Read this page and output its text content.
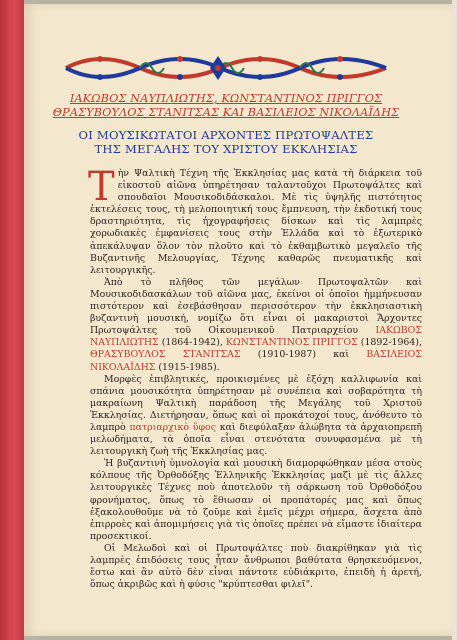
ΙΑΚΩΒΟΣ ΝΑΥΠΛΙΩΤΗΣ, ΚΩΝΣΤΑΝΤΙΝΟΣ ΠΡΙΓΓΟΣ
ΘΡΑΣΥΒΟΥΛΟΣ ΣΤΑΝΙΤΣΑΣ ΚΑΙ ΒΑΣΙΛΕΙΟΣ ΝΙΚΟΛΑΪΔΗΣ
ΟΙ ΜΟΥΣΙΚΩΤΑΤΟΙ ΑΡΧΟΝΤΕΣ ΠΡΩΤΟΨΑΛΤΕΣ
ΤΗΣ ΜΕΓΑΛΗΣ ΤΟΥ ΧΡΙΣΤΟΥ ΕΚΚΛΗΣΙΑΣ

Τὴν Ψαλτικὴ Τέχνη τῆς Ἐκκλησίας μας κατὰ τὴ διάρκεια τοῦ εἰκοστοῦ αἰῶνα ὑπηρέτησαν ταλαντοῦχοι Πρωτοψάλτες καὶ σπουδαῖοι Μουσικοδιδάσκαλοι. Μὲ τὶς ὑψηλῆς πιστότητος ἐκτελέσεις τους, τὴ μελοποιητική τους ἔμπνευση, τὴν ἐκδοτική τους δραστηριότητα, τὶς ἠχογραφήσεις δίσκων καὶ τὶς λαμπρὲς χορωδιακὲς ἐμφανίσεις τους στὴν Ἑλλάδα καὶ τὸ ἐξωτερικὸ ἀπεκάλυψαν ὅλον τὸν πλοῦτο καὶ τὸ ἐκθαμβωτικὸ μεγαλεῖο τῆς Βυζαντινῆς Μελουργίας, Τέχνης καθαρῶς πνευματικῆς καὶ λειτουργικῆς.

Ἀπὸ τὸ πλῆθος τῶν μεγάλων Πρωτοψαλτῶν καὶ Μουσικοδιδασκάλων τοῦ αἰῶνα μας, ἐκείνοι οἱ ὁποῖοι ἡμμήνευσαν πιστότερον καὶ ἐσεβάσθησαν περισσότερον τὴν ἐκκλησιαστικὴ βυζαντινὴ μουσική, νομίζω ὅτι εἶναι οἱ μακαριστοὶ Ἄρχοντες Πρωτοψάλτες τοῦ Οἰκουμενικοῦ Πατριαρχείου ΙΑΚΩΒΟΣ ΝΑΥΠΛΙΩΤΗΣ (1864-1942), ΚΩΝΣΤΑΝΤΙΝΟΣ ΠΡΙΓΓΟΣ (1892-1964), ΘΡΑΣΥΒΟΥΛΟΣ ΣΤΑΝΙΤΣΑΣ (1910-1987) καὶ ΒΑΣΙΛΕΙΟΣ ΝΙΚΟΛΑΪΔΗΣ (1915-1985).

Μορφὲς ἐπιβλητικές, προικισμένες μὲ ἐξόχη καλλιφωνία καὶ σπάνια μουσικότητα ὑπηρέτησαν μὲ συνέπεια καὶ σοβαρότητα τὴ μακραίωνη Ψαλτικὴ παράδοση τῆς Μεγάλης τοῦ Χριστοῦ Ἐκκλησίας. Διετήρησαν, ὅπως καὶ οἱ προκάτοχοί τους, ἀνόθευτο τὸ λαμπρὸ πατριαρχικὸ ὕφος καὶ διεφύλαξαν ἀλώβητα τὰ ἀρχαιοπρεπῆ μελωδήματα, τὰ ὁποῖα εἶναι στενότατα συνυφασμένα μὲ τὴ λειτουργικὴ ζωὴ τῆς Ἐκκλησίας μας.

Ἡ βυζαντινὴ ὑμνολογία καὶ μουσικὴ διαμορφώθηκαν μέσα στοὺς κόλπους τῆς Ὀρθοδόξης Ἑλληνικῆς Ἐκκλησίας μαζὶ μὲ τὶς ἄλλες λειτουργικὲς Τέχνες ποὺ ἀποτελοῦν τὴ σάρκωση τοῦ Ὀρθοδόξου φρονήματος, ὅπως τὸ ἔθιωσαν οἱ προπάτορές μας καὶ ὅπως ἐξακολουθοῦμε νὰ τὸ ζοῦμε καὶ ἐμεῖς μέχρι σήμερα, ἄσχετα ἀπὸ ἐπιρροὲς καὶ ἀπομιμήσεις γιὰ τὶς ὁποῖες πρέπει νὰ εἴμαστε ἰδιαίτερα προσεκτικοί.

Οἱ Μελωδοὶ καὶ οἱ Πρωτοψάλτες ποὺ διακρίθηκαν γιὰ τὶς λαμπρὲς ἐπιδόσεις τους ἦταν ἄνθρωποι βαθύτατα θρησκευόμενοι, ἔστω καὶ ἂν αὐτὸ δὲν εἶναι πάντοτε εὐδιάκριτο, ἐπειδὴ ἡ ἀρετή, ὅπως ἀκριβῶς καὶ ἡ φύσις "κρύπτεσθαι φιλεῖ".
